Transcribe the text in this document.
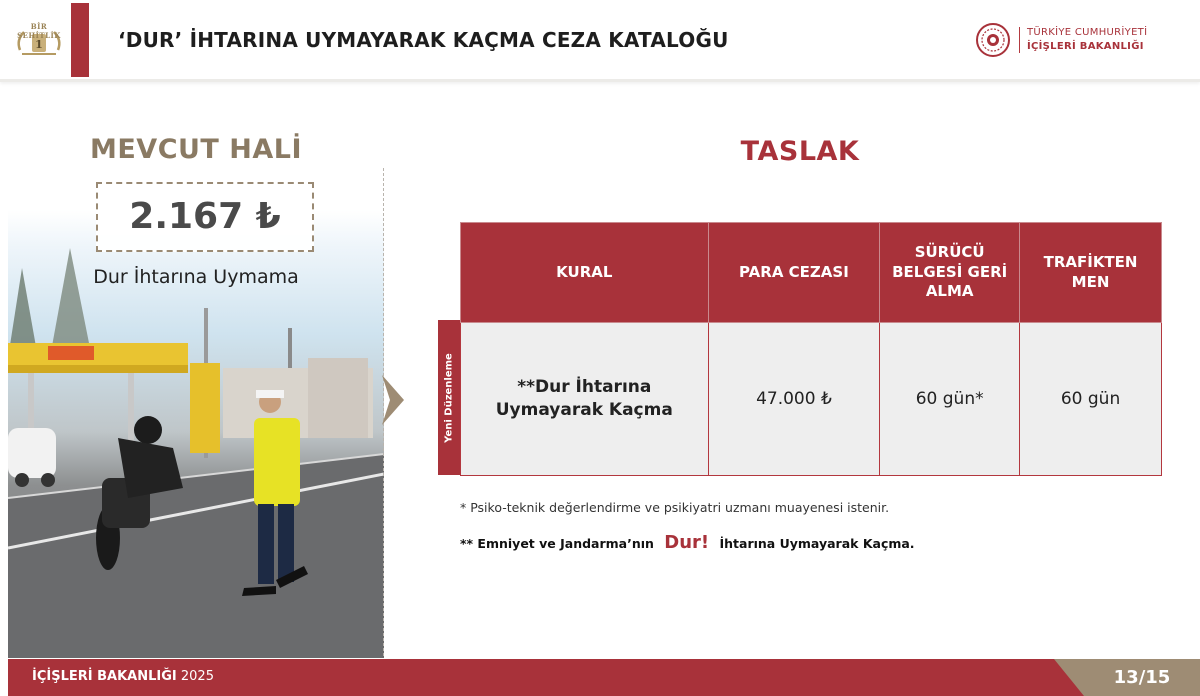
1
BİR ŞEHİTLİK	‘DUR’ İHTARINA UYMAYARAK KAÇMA CEZA KATALOĞU	TÜRKİYE CUMHURİYETİ
İÇİŞLERİ BAKANLIĞI
MEVCUT HALİ
2.167 ₺
Dur İhtarına Uymama
TASLAK
Yeni Düzenleme
KURAL	PARA CEZASI	SÜRÜCÜ BELGESİ GERİ ALMA	TRAFİKTEN MEN
**Dur İhtarına Uymayarak Kaçma	47.000 ₺	60 gün*	60 gün
* Psiko-teknik değerlendirme ve psikiyatri uzmanı muayenesi istenir.
** Emniyet ve Jandarma’nın Dur! İhtarına Uymayarak Kaçma.
İÇİŞLERİ BAKANLIĞI 2025	13/15
